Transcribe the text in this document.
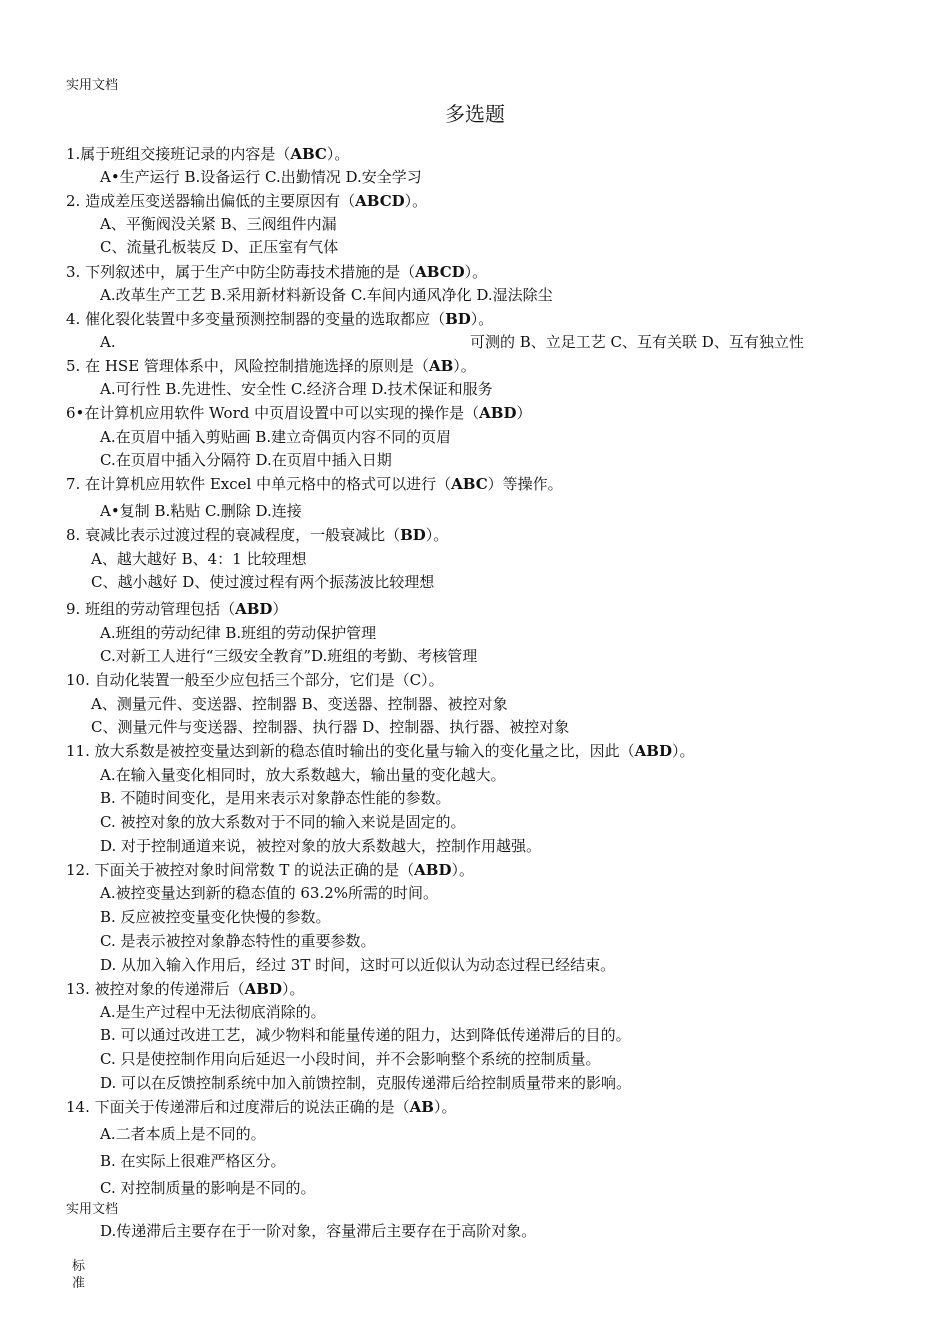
实用文档
多选题
1.属于班组交接班记录的内容是（ABC）。
A•生产运行 B.设备运行 C.出勤情况 D.安全学习
2. 造成差压变送器输出偏低的主要原因有（ABCD）。
A、平衡阀没关紧 B、三阀组件内漏
C、流量孔板装反 D、正压室有气体
3. 下列叙述中，属于生产中防尘防毒技术措施的是（ABCD）。
A.改革生产工艺 B.采用新材料新设备 C.车间内通风净化 D.湿法除尘
4. 催化裂化装置中多变量预测控制器的变量的选取都应（BD）。
A.	可测的 B、立足工艺 C、互有关联 D、互有独立性
5. 在 HSE 管理体系中，风险控制措施选择的原则是（AB）。
A.可行性 B.先进性、安全性 C.经济合理 D.技术保证和服务
6•在计算机应用软件 Word 中页眉设置中可以实现的操作是（ABD）
A.在页眉中插入剪贴画 B.建立奇偶页内容不同的页眉
C.在页眉中插入分隔符 D.在页眉中插入日期
7. 在计算机应用软件 Excel 中单元格中的格式可以进行（ABC）等操作。
A•复制 B.粘贴 C.删除 D.连接
8. 衰减比表示过渡过程的衰减程度，一般衰减比（BD）。
A、越大越好 B、4：1 比较理想
C、越小越好 D、使过渡过程有两个振荡波比较理想
9. 班组的劳动管理包括（ABD）
A.班组的劳动纪律 B.班组的劳动保护管理
C.对新工人进行“三级安全教育”D.班组的考勤、考核管理
10. 自动化装置一般至少应包括三个部分，它们是（C）。
A、测量元件、变送器、控制器 B、变送器、控制器、被控对象
C、测量元件与变送器、控制器、执行器 D、控制器、执行器、被控对象
11. 放大系数是被控变量达到新的稳态值时输出的变化量与输入的变化量之比，因此（ABD）。
A.在输入量变化相同时，放大系数越大，输出量的变化越大。
B. 不随时间变化，是用来表示对象静态性能的参数。
C. 被控对象的放大系数对于不同的输入来说是固定的。
D. 对于控制通道来说，被控对象的放大系数越大，控制作用越强。
12. 下面关于被控对象时间常数 T 的说法正确的是（ABD）。
A.被控变量达到新的稳态值的 63.2%所需的时间。
B. 反应被控变量变化快慢的参数。
C. 是表示被控对象静态特性的重要参数。
D. 从加入输入作用后，经过 3T 时间，这时可以近似认为动态过程已经结束。
13. 被控对象的传递滞后（ABD）。
A.是生产过程中无法彻底消除的。
B. 可以通过改进工艺，减少物料和能量传递的阻力，达到降低传递滞后的目的。
C. 只是使控制作用向后延迟一小段时间，并不会影响整个系统的控制质量。
D. 可以在反馈控制系统中加入前馈控制，克服传递滞后给控制质量带来的影响。
14. 下面关于传递滞后和过度滞后的说法正确的是（AB）。
A.二者本质上是不同的。
B. 在实际上很难严格区分。
C. 对控制质量的影响是不同的。
实用文档
D.传递滞后主要存在于一阶对象，容量滞后主要存在于高阶对象。
标准
